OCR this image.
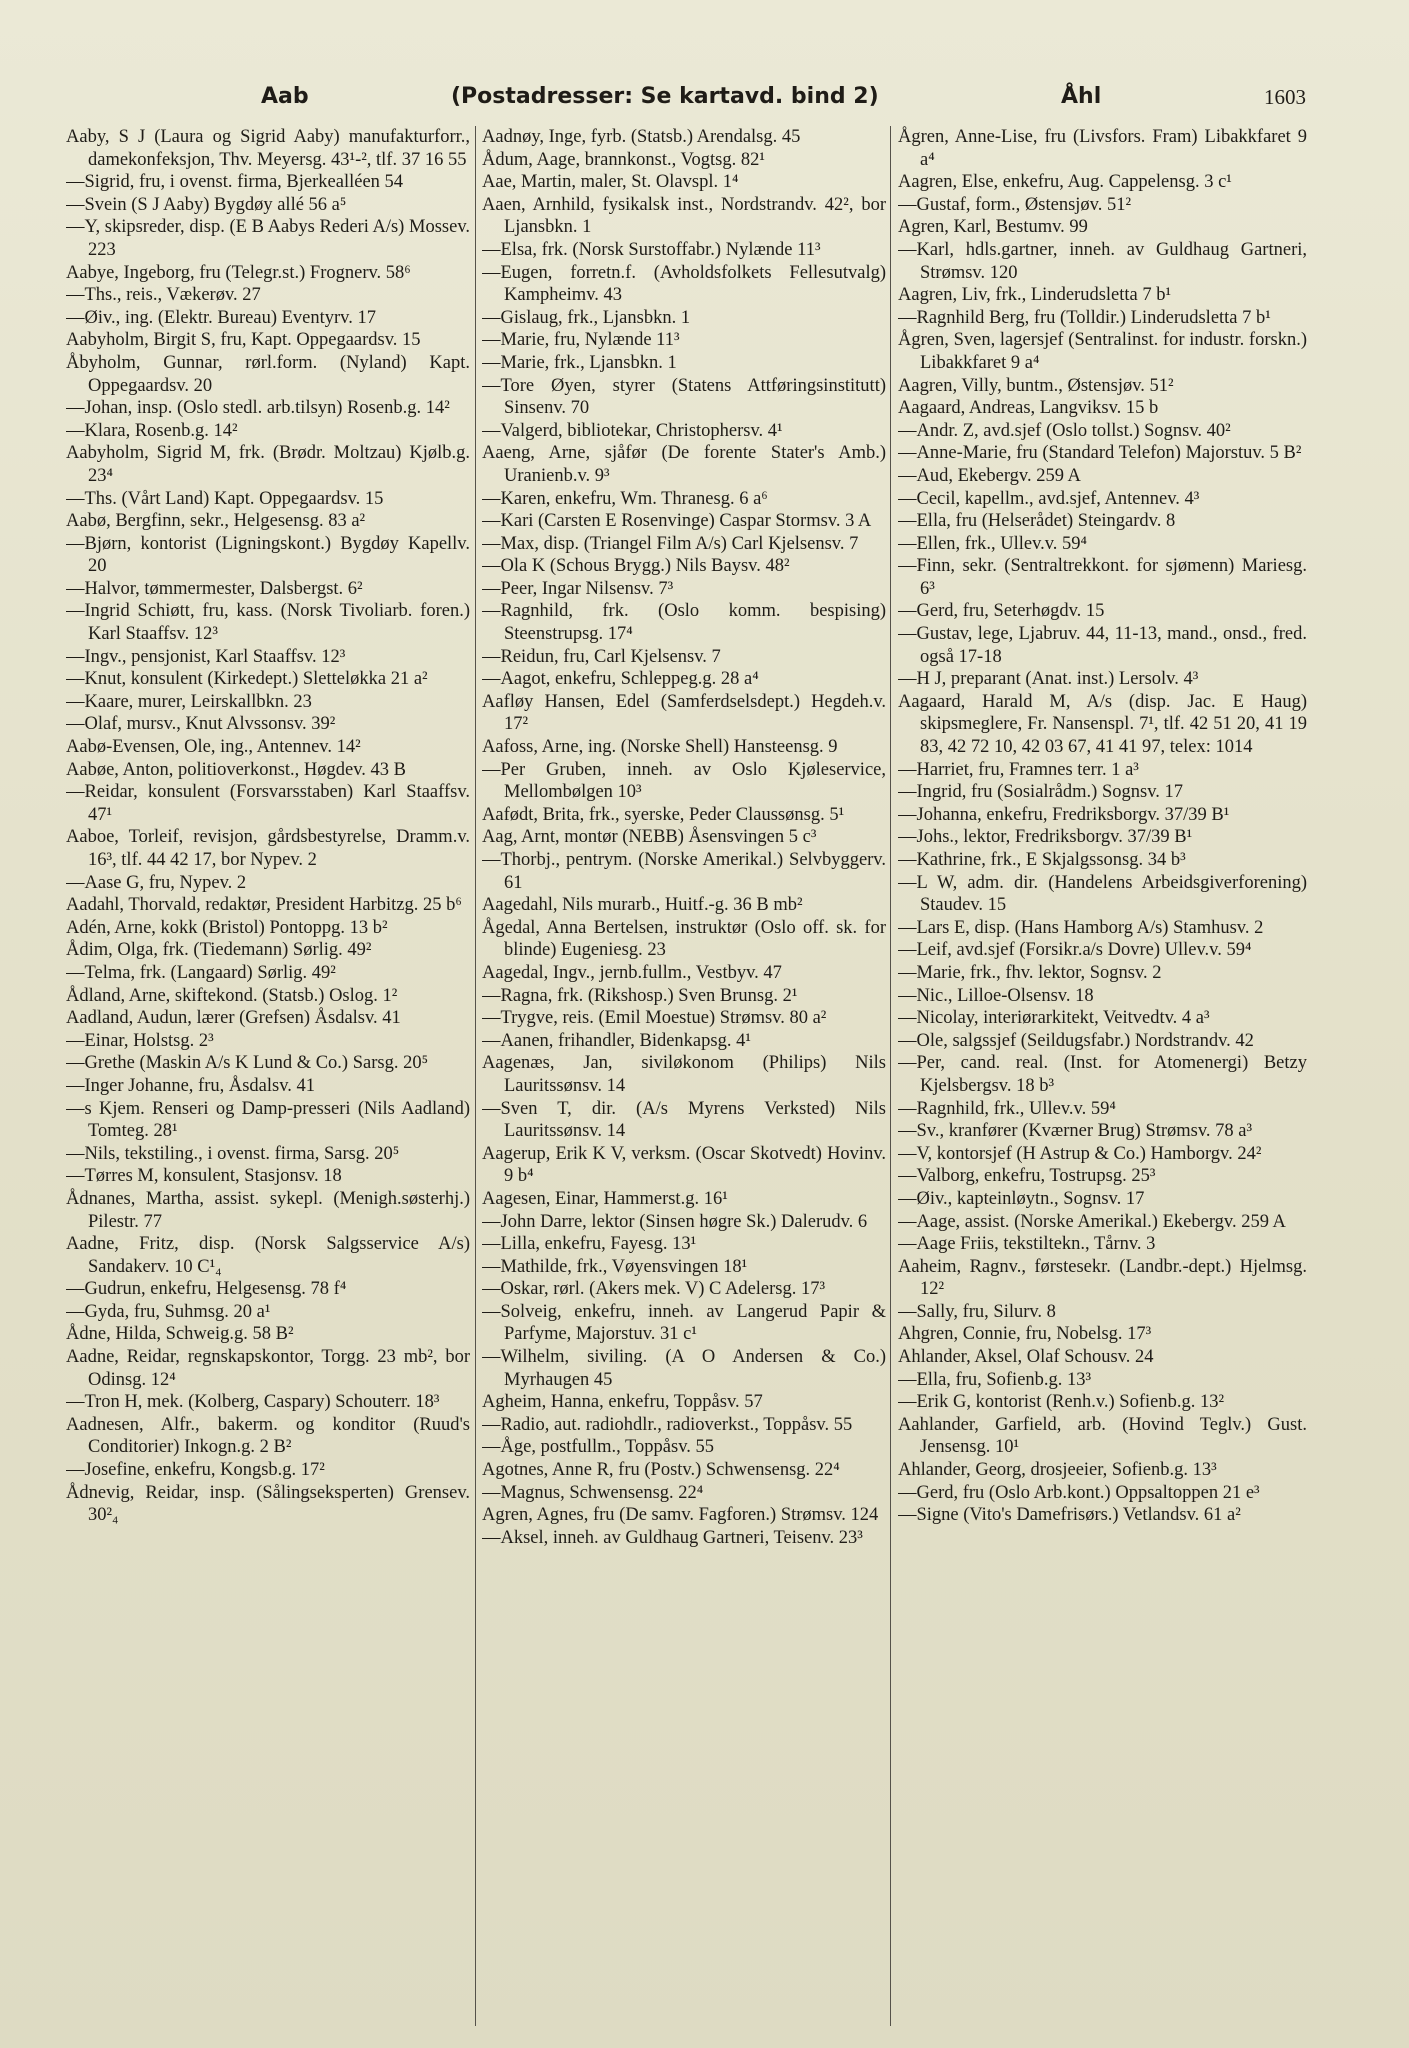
Aab	(Postadresser: Se kartavd. bind 2)	Åhl	1603

Aaby, S J (Laura og Sigrid Aaby) manufakturforr., damekonfeksjon, Thv. Meyersg. 43¹-², tlf. 37 16 55

—Sigrid, fru, i ovenst. firma, Bjerkealléen 54

—Svein (S J Aaby) Bygdøy allé 56 a⁵

—Y, skipsreder, disp. (E B Aabys Rederi A/s) Mossev. 223

Aabye, Ingeborg, fru (Telegr.st.) Frognerv. 58⁶

—Ths., reis., Vækerøv. 27

—Øiv., ing. (Elektr. Bureau) Eventyrv. 17

Aabyholm, Birgit S, fru, Kapt. Oppegaardsv. 15

Åbyholm, Gunnar, rørl.form. (Nyland) Kapt. Oppegaardsv. 20

—Johan, insp. (Oslo stedl. arb.tilsyn) Rosenb.g. 14²

—Klara, Rosenb.g. 14²

Aabyholm, Sigrid M, frk. (Brødr. Moltzau) Kjølb.g. 23⁴

—Ths. (Vårt Land) Kapt. Oppegaardsv. 15

Aabø, Bergfinn, sekr., Helgesensg. 83 a²

—Bjørn, kontorist (Ligningskont.) Bygdøy Kapellv. 20

—Halvor, tømmermester, Dalsbergst. 6²

—Ingrid Schiøtt, fru, kass. (Norsk Tivoliarb. foren.) Karl Staaffsv. 12³

—Ingv., pensjonist, Karl Staaffsv. 12³

—Knut, konsulent (Kirkedept.) Sletteløkka 21 a²

—Kaare, murer, Leirskallbkn. 23

—Olaf, mursv., Knut Alvssonsv. 39²

Aabø-Evensen, Ole, ing., Antennev. 14²

Aabøe, Anton, politioverkonst., Høgdev. 43 B

—Reidar, konsulent (Forsvarsstaben) Karl Staaffsv. 47¹

Aaboe, Torleif, revisjon, gårdsbestyrelse, Dramm.v. 16³, tlf. 44 42 17, bor Nypev. 2

—Aase G, fru, Nypev. 2

Aadahl, Thorvald, redaktør, President Harbitzg. 25 b⁶

Adén, Arne, kokk (Bristol) Pontoppg. 13 b²

Ådim, Olga, frk. (Tiedemann) Sørlig. 49²

—Telma, frk. (Langaard) Sørlig. 49²

Ådland, Arne, skiftekond. (Statsb.) Oslog. 1²

Aadland, Audun, lærer (Grefsen) Åsdalsv. 41

—Einar, Holstsg. 2³

—Grethe (Maskin A/s K Lund & Co.) Sarsg. 20⁵

—Inger Johanne, fru, Åsdalsv. 41

—s Kjem. Renseri og Damp-presseri (Nils Aadland) Tomteg. 28¹

—Nils, tekstiling., i ovenst. firma, Sarsg. 20⁵

—Tørres M, konsulent, Stasjonsv. 18

Ådnanes, Martha, assist. sykepl. (Menigh.søsterhj.) Pilestr. 77

Aadne, Fritz, disp. (Norsk Salgsservice A/s) Sandakerv. 10 C¹₄

—Gudrun, enkefru, Helgesensg. 78 f⁴

—Gyda, fru, Suhmsg. 20 a¹

Ådne, Hilda, Schweig.g. 58 B²

Aadne, Reidar, regnskapskontor, Torgg. 23 mb², bor Odinsg. 12⁴

—Tron H, mek. (Kolberg, Caspary) Schouterr. 18³

Aadnesen, Alfr., bakerm. og konditor (Ruud's Conditorier) Inkogn.g. 2 B²

—Josefine, enkefru, Kongsb.g. 17²

Ådnevig, Reidar, insp. (Sålingseksperten) Grensev. 30²₄

Aadnøy, Inge, fyrb. (Statsb.) Arendalsg. 45

Ådum, Aage, brannkonst., Vogtsg. 82¹

Aae, Martin, maler, St. Olavspl. 1⁴

Aaen, Arnhild, fysikalsk inst., Nordstrandv. 42², bor Ljansbkn. 1

—Elsa, frk. (Norsk Surstoffabr.) Nylænde 11³

—Eugen, forretn.f. (Avholdsfolkets Fellesutvalg) Kampheimv. 43

—Gislaug, frk., Ljansbkn. 1

—Marie, fru, Nylænde 11³

—Marie, frk., Ljansbkn. 1

—Tore Øyen, styrer (Statens Attføringsinstitutt) Sinsenv. 70

—Valgerd, bibliotekar, Christophersv. 4¹

Aaeng, Arne, sjåfør (De forente Stater's Amb.) Uranienb.v. 9³

—Karen, enkefru, Wm. Thranesg. 6 a⁶

—Kari (Carsten E Rosenvinge) Caspar Stormsv. 3 A

—Max, disp. (Triangel Film A/s) Carl Kjelsensv. 7

—Ola K (Schous Brygg.) Nils Baysv. 48²

—Peer, Ingar Nilsensv. 7³

—Ragnhild, frk. (Oslo komm. bespising) Steenstrupsg. 17⁴

—Reidun, fru, Carl Kjelsensv. 7

—Aagot, enkefru, Schleppeg.g. 28 a⁴

Aafløy Hansen, Edel (Samferdselsdept.) Hegdeh.v. 17²

Aafoss, Arne, ing. (Norske Shell) Hansteensg. 9

—Per Gruben, inneh. av Oslo Kjøleservice, Mellombølgen 10³

Aafødt, Brita, frk., syerske, Peder Claussønsg. 5¹

Aag, Arnt, montør (NEBB) Åsensvingen 5 c³

—Thorbj., pentrym. (Norske Amerikal.) Selvbyggerv. 61

Aagedahl, Nils murarb., Huitf.-g. 36 B mb²

Ågedal, Anna Bertelsen, instruktør (Oslo off. sk. for blinde) Eugeniesg. 23

Aagedal, Ingv., jernb.fullm., Vestbyv. 47

—Ragna, frk. (Rikshosp.) Sven Brunsg. 2¹

—Trygve, reis. (Emil Moestue) Strømsv. 80 a²

—Aanen, frihandler, Bidenkapsg. 4¹

Aagenæs, Jan, siviløkonom (Philips) Nils Lauritssønsv. 14

—Sven T, dir. (A/s Myrens Verksted) Nils Lauritssønsv. 14

Aagerup, Erik K V, verksm. (Oscar Skotvedt) Hovinv. 9 b⁴

Aagesen, Einar, Hammerst.g. 16¹

—John Darre, lektor (Sinsen høgre Sk.) Dalerudv. 6

—Lilla, enkefru, Fayesg. 13¹

—Mathilde, frk., Vøyensvingen 18¹

—Oskar, rørl. (Akers mek. V) C Adelersg. 17³

—Solveig, enkefru, inneh. av Langerud Papir & Parfyme, Majorstuv. 31 c¹

—Wilhelm, siviling. (A O Andersen & Co.) Myrhaugen 45

Agheim, Hanna, enkefru, Toppåsv. 57

—Radio, aut. radiohdlr., radioverkst., Toppåsv. 55

—Åge, postfullm., Toppåsv. 55

Agotnes, Anne R, fru (Postv.) Schwensensg. 22⁴

—Magnus, Schwensensg. 22⁴

Agren, Agnes, fru (De samv. Fagforen.) Strømsv. 124

—Aksel, inneh. av Guldhaug Gartneri, Teisenv. 23³

Ågren, Anne-Lise, fru (Livsfors. Fram) Libakkfaret 9 a⁴

Aagren, Else, enkefru, Aug. Cappelensg. 3 c¹

—Gustaf, form., Østensjøv. 51²

Agren, Karl, Bestumv. 99

—Karl, hdls.gartner, inneh. av Guldhaug Gartneri, Strømsv. 120

Aagren, Liv, frk., Linderudsletta 7 b¹

—Ragnhild Berg, fru (Tolldir.) Linderudsletta 7 b¹

Ågren, Sven, lagersjef (Sentralinst. for industr. forskn.) Libakkfaret 9 a⁴

Aagren, Villy, buntm., Østensjøv. 51²

Aagaard, Andreas, Langviksv. 15 b

—Andr. Z, avd.sjef (Oslo tollst.) Sognsv. 40²

—Anne-Marie, fru (Standard Telefon) Majorstuv. 5 B²

—Aud, Ekebergv. 259 A

—Cecil, kapellm., avd.sjef, Antennev. 4³

—Ella, fru (Helserådet) Steingardv. 8

—Ellen, frk., Ullev.v. 59⁴

—Finn, sekr. (Sentraltrekkont. for sjømenn) Mariesg. 6³

—Gerd, fru, Seterhøgdv. 15

—Gustav, lege, Ljabruv. 44, 11-13, mand., onsd., fred. også 17-18

—H J, preparant (Anat. inst.) Lersolv. 4³

Aagaard, Harald M, A/s (disp. Jac. E Haug) skipsmeglere, Fr. Nansenspl. 7¹, tlf. 42 51 20, 41 19 83, 42 72 10, 42 03 67, 41 41 97, telex: 1014

—Harriet, fru, Framnes terr. 1 a³

—Ingrid, fru (Sosialrådm.) Sognsv. 17

—Johanna, enkefru, Fredriksborgv. 37/39 B¹

—Johs., lektor, Fredriksborgv. 37/39 B¹

—Kathrine, frk., E Skjalgssonsg. 34 b³

—L W, adm. dir. (Handelens Arbeidsgiverforening) Staudev. 15

—Lars E, disp. (Hans Hamborg A/s) Stamhusv. 2

—Leif, avd.sjef (Forsikr.a/s Dovre) Ullev.v. 59⁴

—Marie, frk., fhv. lektor, Sognsv. 2

—Nic., Lilloe-Olsensv. 18

—Nicolay, interiørarkitekt, Veitvedtv. 4 a³

—Ole, salgssjef (Seildugsfabr.) Nordstrandv. 42

—Per, cand. real. (Inst. for Atomenergi) Betzy Kjelsbergsv. 18 b³

—Ragnhild, frk., Ullev.v. 59⁴

—Sv., kranfører (Kværner Brug) Strømsv. 78 a³

—V, kontorsjef (H Astrup & Co.) Hamborgv. 24²

—Valborg, enkefru, Tostrupsg. 25³

—Øiv., kapteinløytn., Sognsv. 17

—Aage, assist. (Norske Amerikal.) Ekebergv. 259 A

—Aage Friis, tekstiltekn., Tårnv. 3

Aaheim, Ragnv., førstesekr. (Landbr.-dept.) Hjelmsg. 12²

—Sally, fru, Silurv. 8

Ahgren, Connie, fru, Nobelsg. 17³

Ahlander, Aksel, Olaf Schousv. 24

—Ella, fru, Sofienb.g. 13³

—Erik G, kontorist (Renh.v.) Sofienb.g. 13²

Aahlander, Garfield, arb. (Hovind Teglv.) Gust. Jensensg. 10¹

Ahlander, Georg, drosjeeier, Sofienb.g. 13³

—Gerd, fru (Oslo Arb.kont.) Oppsaltoppen 21 e³

—Signe (Vito's Damefrisørs.) Vetlandsv. 61 a²
